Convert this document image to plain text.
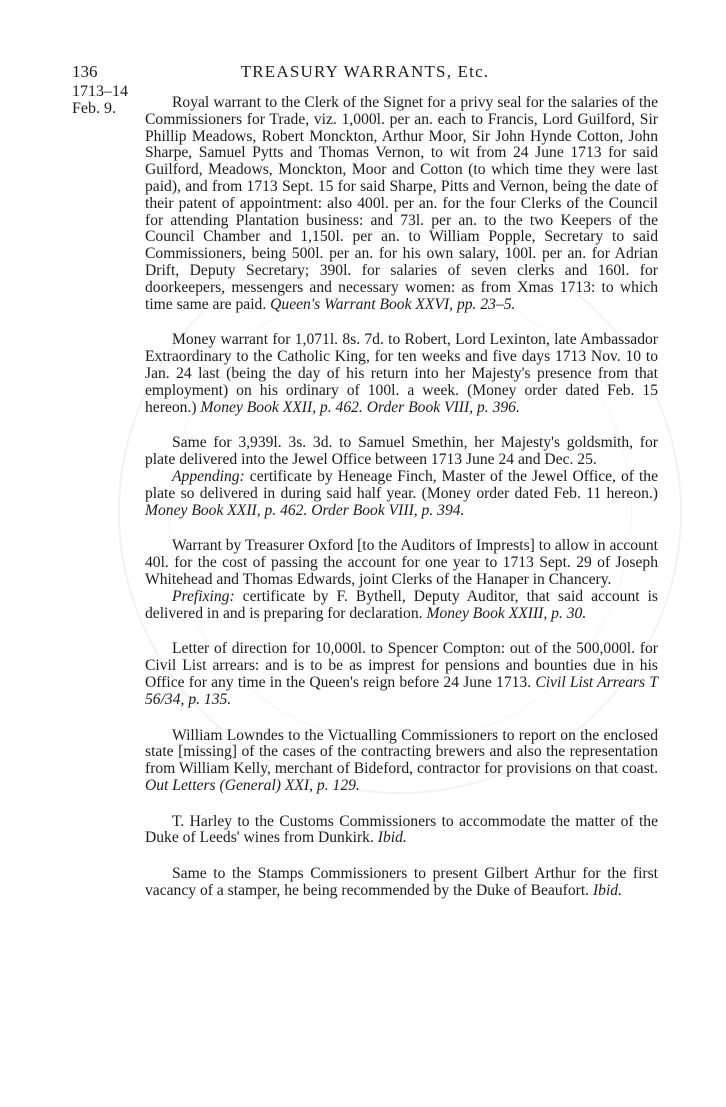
136	TREASURY WARRANTS, Etc.
1713–14
Feb. 9.	Royal warrant to the Clerk of the Signet for a privy seal for the salaries of the Commissioners for Trade, viz. 1,000l. per an. each to Francis, Lord Guilford, Sir Phillip Meadows, Robert Monckton, Arthur Moor, Sir John Hynde Cotton, John Sharpe, Samuel Pytts and Thomas Vernon, to wit from 24 June 1713 for said Guilford, Meadows, Monckton, Moor and Cotton (to which time they were last paid), and from 1713 Sept. 15 for said Sharpe, Pitts and Vernon, being the date of their patent of appointment: also 400l. per an. for the four Clerks of the Council for attending Plantation business: and 73l. per an. to the two Keepers of the Council Chamber and 1,150l. per an. to William Popple, Secretary to said Commissioners, being 500l. per an. for his own salary, 100l. per an. for Adrian Drift, Deputy Secretary; 390l. for salaries of seven clerks and 160l. for doorkeepers, messengers and necessary women: as from Xmas 1713: to which time same are paid. Queen's Warrant Book XXVI, pp. 23–5.

Money warrant for 1,071l. 8s. 7d. to Robert, Lord Lexinton, late Ambassador Extraordinary to the Catholic King, for ten weeks and five days 1713 Nov. 10 to Jan. 24 last (being the day of his return into her Majesty's presence from that employment) on his ordinary of 100l. a week. (Money order dated Feb. 15 hereon.) Money Book XXII, p. 462. Order Book VIII, p. 396.

Same for 3,939l. 3s. 3d. to Samuel Smethin, her Majesty's goldsmith, for plate delivered into the Jewel Office between 1713 June 24 and Dec. 25.

Appending: certificate by Heneage Finch, Master of the Jewel Office, of the plate so delivered in during said half year. (Money order dated Feb. 11 hereon.) Money Book XXII, p. 462. Order Book VIII, p. 394.

Warrant by Treasurer Oxford [to the Auditors of Imprests] to allow in account 40l. for the cost of passing the account for one year to 1713 Sept. 29 of Joseph Whitehead and Thomas Edwards, joint Clerks of the Hanaper in Chancery.

Prefixing: certificate by F. Bythell, Deputy Auditor, that said account is delivered in and is preparing for declaration. Money Book XXIII, p. 30.

Letter of direction for 10,000l. to Spencer Compton: out of the 500,000l. for Civil List arrears: and is to be as imprest for pensions and bounties due in his Office for any time in the Queen's reign before 24 June 1713. Civil List Arrears T 56/34, p. 135.

William Lowndes to the Victualling Commissioners to report on the enclosed state [missing] of the cases of the contracting brewers and also the representation from William Kelly, merchant of Bideford, contractor for provisions on that coast. Out Letters (General) XXI, p. 129.

T. Harley to the Customs Commissioners to accommodate the matter of the Duke of Leeds' wines from Dunkirk. Ibid.

Same to the Stamps Commissioners to present Gilbert Arthur for the first vacancy of a stamper, he being recommended by the Duke of Beaufort. Ibid.
